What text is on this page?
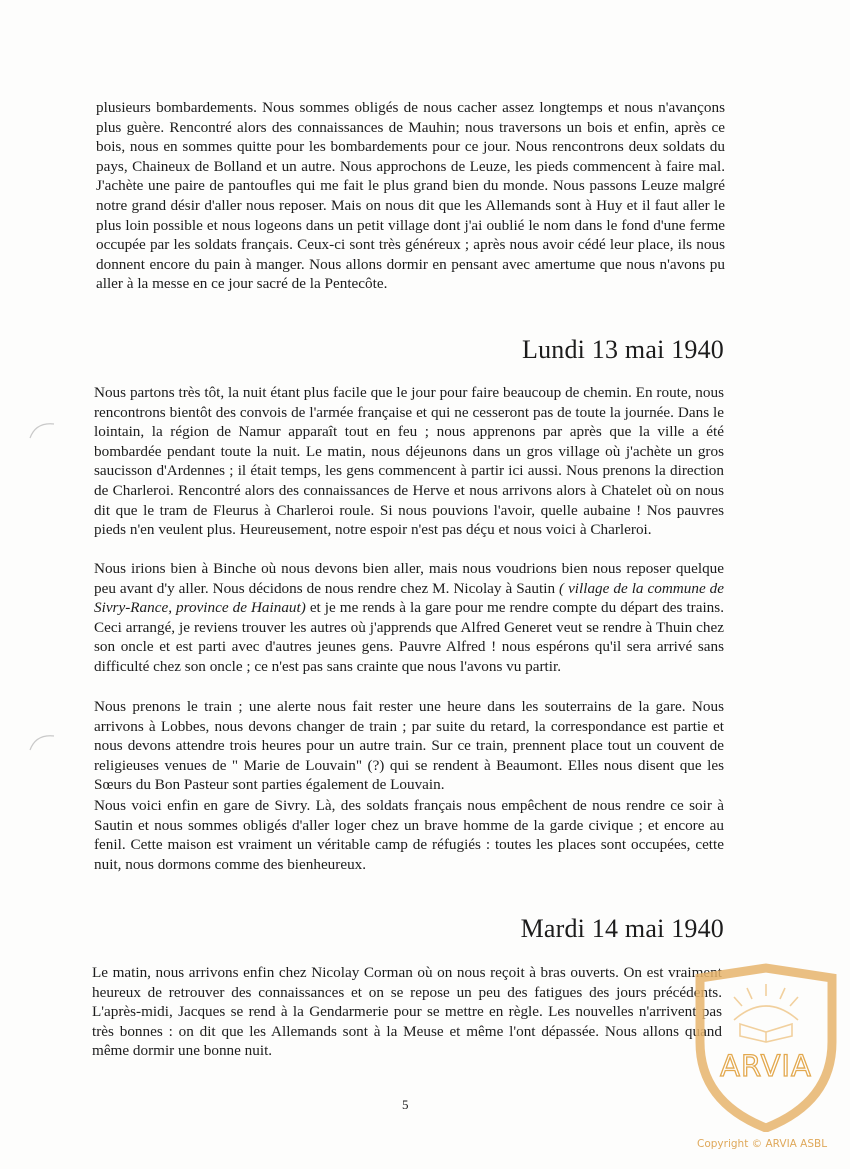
plusieurs bombardements. Nous sommes obligés de nous cacher assez longtemps et nous n'avançons plus guère. Rencontré alors des connaissances de Mauhin; nous traversons un bois et enfin, après ce bois, nous en sommes quitte pour les bombardements pour ce jour. Nous rencontrons deux soldats du pays, Chaineux de Bolland et un autre. Nous approchons de Leuze, les pieds commencent à faire mal. J'achète une paire de pantoufles qui me fait le plus grand bien du monde. Nous passons Leuze malgré notre grand désir d'aller nous reposer. Mais on nous dit que les Allemands sont à Huy et il faut aller le plus loin possible et nous logeons dans un petit village dont j'ai oublié le nom dans le fond d'une ferme occupée par les soldats français. Ceux-ci sont très généreux ; après nous avoir cédé leur place, ils nous donnent encore du pain à manger. Nous allons dormir en pensant avec amertume que nous n'avons pu aller à la messe en ce jour sacré de la Pentecôte.

Lundi 13 mai 1940

Nous partons très tôt, la nuit étant plus facile que le jour pour faire beaucoup de chemin. En route, nous rencontrons bientôt des convois de l'armée française et qui ne cesseront pas de toute la journée. Dans le lointain, la région de Namur apparaît tout en feu ; nous apprenons par après que la ville a été bombardée pendant toute la nuit. Le matin, nous déjeunons dans un gros village où j'achète un gros saucisson d'Ardennes ; il était temps, les gens commencent à partir ici aussi. Nous prenons la direction de Charleroi. Rencontré alors des connaissances de Herve et nous arrivons alors à Chatelet où on nous dit que le tram de Fleurus à Charleroi roule. Si nous pouvions l'avoir, quelle aubaine ! Nos pauvres pieds n'en veulent plus. Heureusement, notre espoir n'est pas déçu et nous voici à Charleroi.

Nous irions bien à Binche où nous devons bien aller, mais nous voudrions bien nous reposer quelque peu avant d'y aller. Nous décidons de nous rendre chez M. Nicolay à Sautin ( village de la commune de Sivry-Rance, province de Hainaut) et je me rends à la gare pour me rendre compte du départ des trains. Ceci arrangé, je reviens trouver les autres où j'apprends que Alfred Generet veut se rendre à Thuin chez son oncle et est parti avec d'autres jeunes gens. Pauvre Alfred ! nous espérons qu'il sera arrivé sans difficulté chez son oncle ; ce n'est pas sans crainte que nous l'avons vu partir.

Nous prenons le train ; une alerte nous fait rester une heure dans les souterrains de la gare. Nous arrivons à Lobbes, nous devons changer de train ; par suite du retard, la correspondance est partie et nous devons attendre trois heures pour un autre train. Sur ce train, prennent place tout un couvent de religieuses venues de " Marie de Louvain" (?) qui se rendent à Beaumont. Elles nous disent que les Sœurs du Bon Pasteur sont parties également de Louvain.

Nous voici enfin en gare de Sivry. Là, des soldats français nous empêchent de nous rendre ce soir à Sautin et nous sommes obligés d'aller loger chez un brave homme de la garde civique ; et encore au fenil. Cette maison est vraiment un véritable camp de réfugiés : toutes les places sont occupées, cette nuit, nous dormons comme des bienheureux.

Mardi 14 mai 1940

Le matin, nous arrivons enfin chez Nicolay Corman où on nous reçoit à bras ouverts. On est vraiment heureux de retrouver des connaissances et on se repose un peu des fatigues des jours précédents. L'après-midi, Jacques se rend à la Gendarmerie pour se mettre en règle. Les nouvelles n'arrivent pas très bonnes : on dit que les Allemands sont à la Meuse et même l'ont dépassée. Nous allons quand même dormir une bonne nuit.

5
ARVIA
Copyright © ARVIA ASBL
